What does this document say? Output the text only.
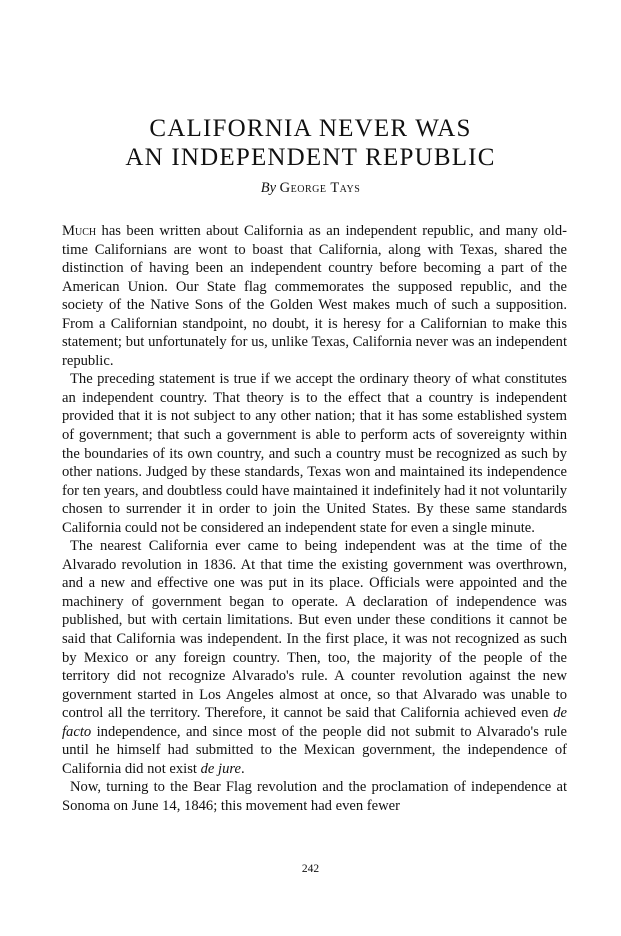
CALIFORNIA NEVER WAS
AN INDEPENDENT REPUBLIC
By George Tays

Much has been written about California as an independent republic, and many old-time Californians are wont to boast that California, along with Texas, shared the distinction of having been an independent country before becoming a part of the American Union. Our State flag commemorates the supposed republic, and the society of the Native Sons of the Golden West makes much of such a supposition. From a Californian standpoint, no doubt, it is heresy for a Californian to make this statement; but unfortunately for us, unlike Texas, California never was an independent republic.

The preceding statement is true if we accept the ordinary theory of what constitutes an independent country. That theory is to the effect that a country is independent provided that it is not subject to any other nation; that it has some established system of government; that such a government is able to perform acts of sovereignty within the boundaries of its own country, and such a country must be recognized as such by other nations. Judged by these standards, Texas won and maintained its independence for ten years, and doubtless could have maintained it indefinitely had it not voluntarily chosen to surrender it in order to join the United States. By these same standards California could not be considered an independent state for even a single minute.

The nearest California ever came to being independent was at the time of the Alvarado revolution in 1836. At that time the existing government was overthrown, and a new and effective one was put in its place. Officials were appointed and the machinery of government began to operate. A declaration of independence was published, but with certain limitations. But even under these conditions it cannot be said that California was independent. In the first place, it was not recognized as such by Mexico or any foreign country. Then, too, the majority of the people of the territory did not recognize Alvarado's rule. A counter revolution against the new government started in Los Angeles almost at once, so that Alvarado was unable to control all the territory. Therefore, it cannot be said that California achieved even de facto independence, and since most of the people did not submit to Alvarado's rule until he himself had submitted to the Mexican government, the independence of California did not exist de jure.

Now, turning to the Bear Flag revolution and the proclamation of independence at Sonoma on June 14, 1846; this movement had even fewer

242
